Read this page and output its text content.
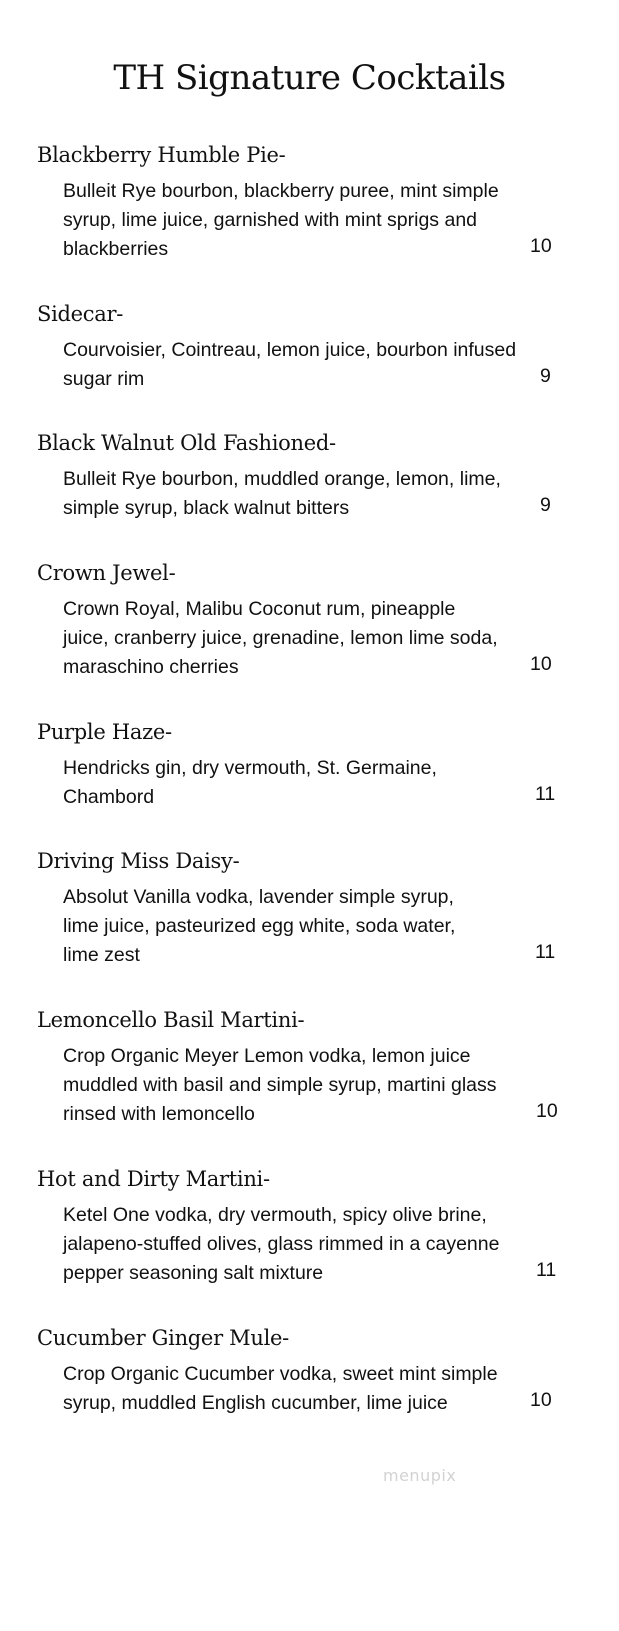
TH Signature Cocktails
Blackberry Humble Pie-
Bulleit Rye bourbon, blackberry puree, mint simple
syrup, lime juice, garnished with mint sprigs and
blackberries	10
Sidecar-
Courvoisier, Cointreau, lemon juice, bourbon infused
sugar rim	9
Black Walnut Old Fashioned-
Bulleit Rye bourbon, muddled orange, lemon, lime,
simple syrup, black walnut bitters	9
Crown Jewel-
Crown Royal, Malibu Coconut rum, pineapple
juice, cranberry juice, grenadine, lemon lime soda,
maraschino cherries	10
Purple Haze-
Hendricks gin, dry vermouth, St. Germaine,
Chambord	11
Driving Miss Daisy-
Absolut Vanilla vodka, lavender simple syrup,
lime juice, pasteurized egg white, soda water,
lime zest	11
Lemoncello Basil Martini-
Crop Organic Meyer Lemon vodka, lemon juice
muddled with basil and simple syrup, martini glass
rinsed with lemoncello	10
Hot and Dirty Martini-
Ketel One vodka, dry vermouth, spicy olive brine,
jalapeno-stuffed olives, glass rimmed in a cayenne
pepper seasoning salt mixture	11
Cucumber Ginger Mule-
Crop Organic Cucumber vodka, sweet mint simple
syrup, muddled English cucumber, lime juice	10
menupix
